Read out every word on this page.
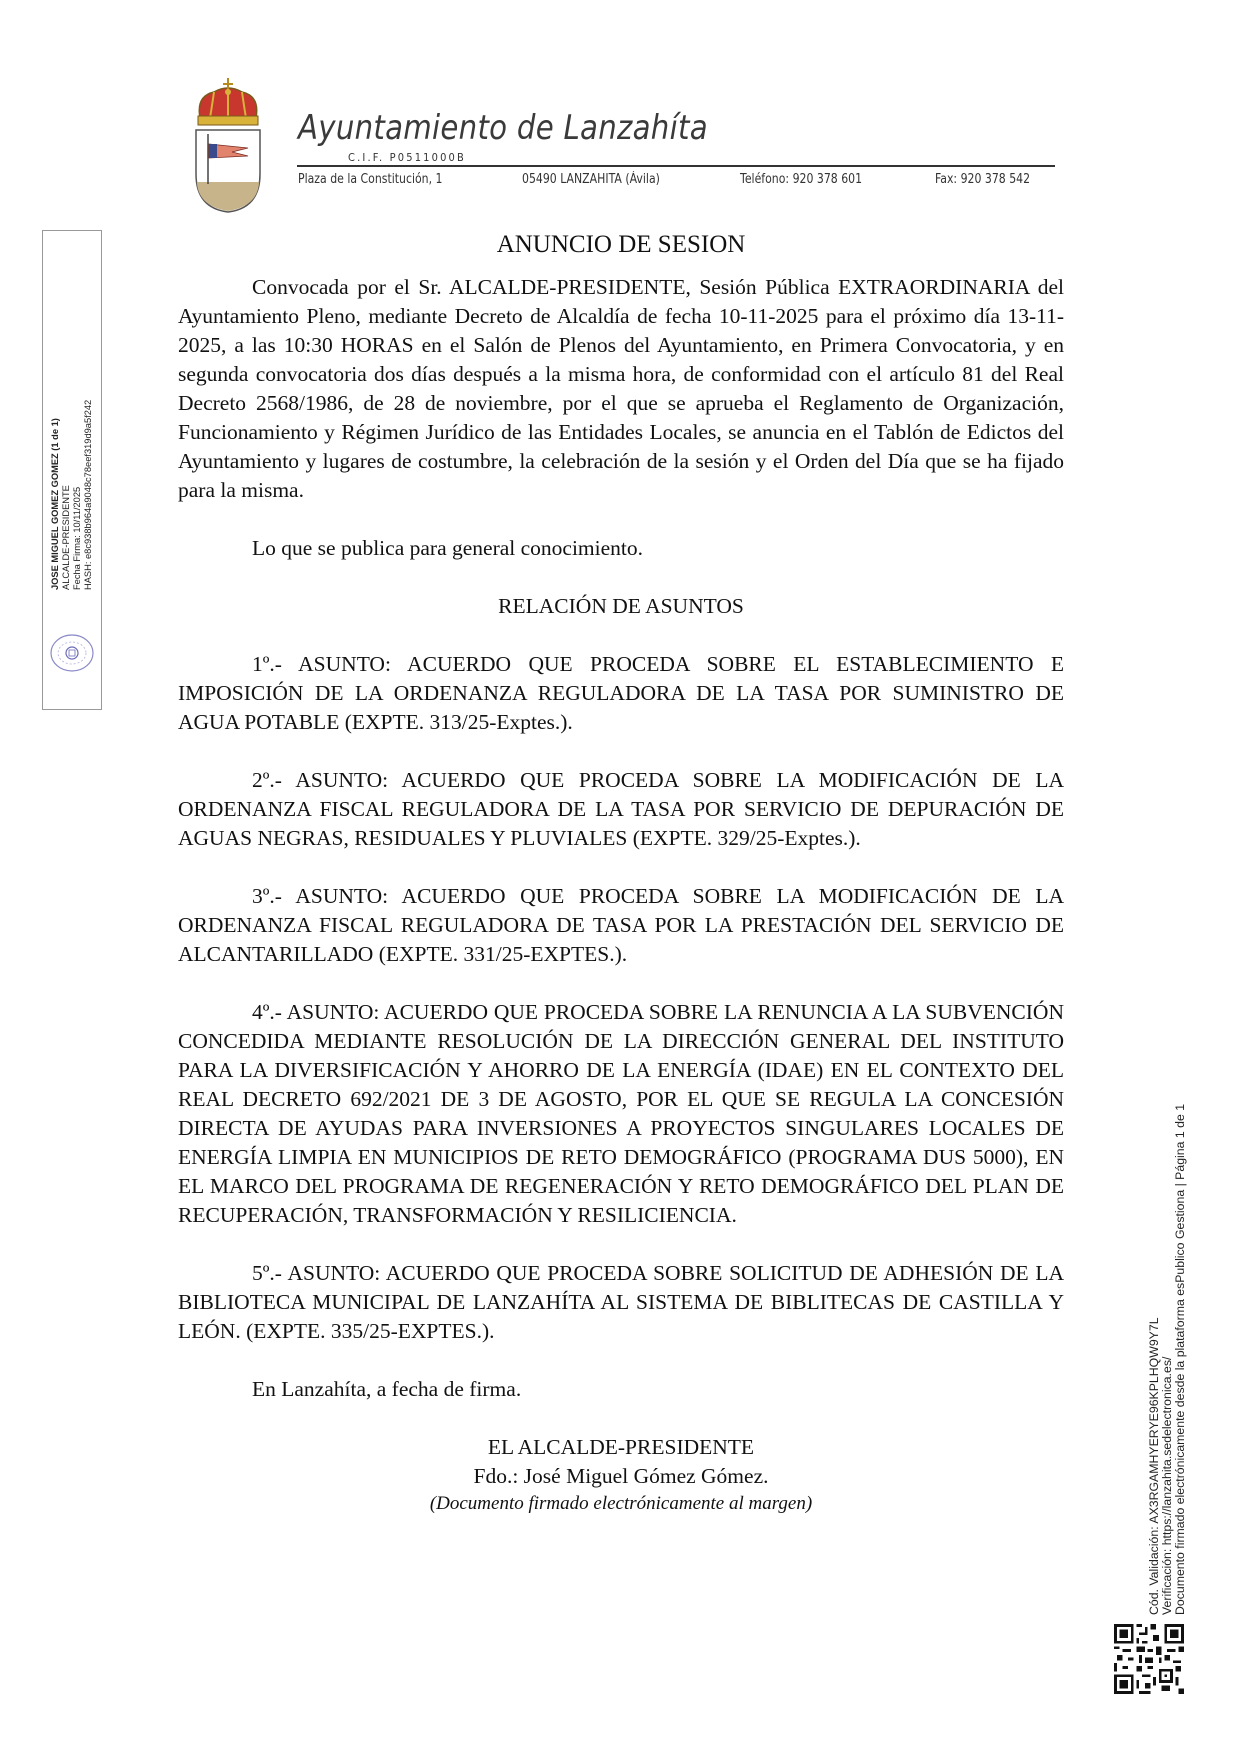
Ayuntamiento de Lanzahíta
C.I.F. P0511000B
Plaza de la Constitución, 1	05490 LANZAHITA (Ávila)	Teléfono: 920 378 601	Fax: 920 378 542
JOSE MIGUEL GOMEZ GOMEZ (1 de 1) ALCALDE-PRESIDENTE Fecha Firma: 10/11/2025 HASH: e8c938b964a9048c78eef319d9a5f242
Cód. Validación: AX3RGAMHYERYE96KPLHQW9Y7L Verificación: https://lanzahita.sedelectronica.es/ Documento firmado electrónicamente desde la plataforma esPublico Gestiona | Página 1 de 1
ANUNCIO DE SESION

Convocada por el Sr. ALCALDE-PRESIDENTE, Sesión Pública EXTRAORDINARIA del Ayuntamiento Pleno, mediante Decreto de Alcaldía de fecha 10-11-2025 para el próximo día 13-11-2025, a las 10:30 HORAS en el Salón de Plenos del Ayuntamiento, en Primera Convocatoria, y en segunda convocatoria dos días después a la misma hora, de conformidad con el artículo 81 del Real Decreto 2568/1986, de 28 de noviembre, por el que se aprueba el Reglamento de Organización, Funcionamiento y Régimen Jurídico de las Entidades Locales, se anuncia en el Tablón de Edictos del Ayuntamiento y lugares de costumbre, la celebración de la sesión y el Orden del Día que se ha fijado para la misma.

Lo que se publica para general conocimiento.

RELACIÓN DE ASUNTOS

1º.- ASUNTO: ACUERDO QUE PROCEDA SOBRE EL ESTABLECIMIENTO E IMPOSICIÓN DE LA ORDENANZA REGULADORA DE LA TASA POR SUMINISTRO DE AGUA POTABLE (EXPTE. 313/25-Exptes.).

2º.- ASUNTO: ACUERDO QUE PROCEDA SOBRE LA MODIFICACIÓN DE LA ORDENANZA FISCAL REGULADORA DE LA TASA POR SERVICIO DE DEPURACIÓN DE AGUAS NEGRAS, RESIDUALES Y PLUVIALES (EXPTE. 329/25-Exptes.).

3º.- ASUNTO: ACUERDO QUE PROCEDA SOBRE LA MODIFICACIÓN DE LA ORDENANZA FISCAL REGULADORA DE TASA POR LA PRESTACIÓN DEL SERVICIO DE ALCANTARILLADO (EXPTE. 331/25-EXPTES.).

4º.- ASUNTO: ACUERDO QUE PROCEDA SOBRE LA RENUNCIA A LA SUBVENCIÓN CONCEDIDA MEDIANTE RESOLUCIÓN DE LA DIRECCIÓN GENERAL DEL INSTITUTO PARA LA DIVERSIFICACIÓN Y AHORRO DE LA ENERGÍA (IDAE) EN EL CONTEXTO DEL REAL DECRETO 692/2021 DE 3 DE AGOSTO, POR EL QUE SE REGULA LA CONCESIÓN DIRECTA DE AYUDAS PARA INVERSIONES A PROYECTOS SINGULARES LOCALES DE ENERGÍA LIMPIA EN MUNICIPIOS DE RETO DEMOGRÁFICO (PROGRAMA DUS 5000), EN EL MARCO DEL PROGRAMA DE REGENERACIÓN Y RETO DEMOGRÁFICO DEL PLAN DE RECUPERACIÓN, TRANSFORMACIÓN Y RESILICIENCIA.

5º.- ASUNTO: ACUERDO QUE PROCEDA SOBRE SOLICITUD DE ADHESIÓN DE LA BIBLIOTECA MUNICIPAL DE LANZAHÍTA AL SISTEMA DE BIBLITECAS DE CASTILLA Y LEÓN. (EXPTE. 335/25-EXPTES.).

En Lanzahíta, a fecha de firma.

EL ALCALDE-PRESIDENTE

Fdo.: José Miguel Gómez Gómez.

(Documento firmado electrónicamente al margen)
